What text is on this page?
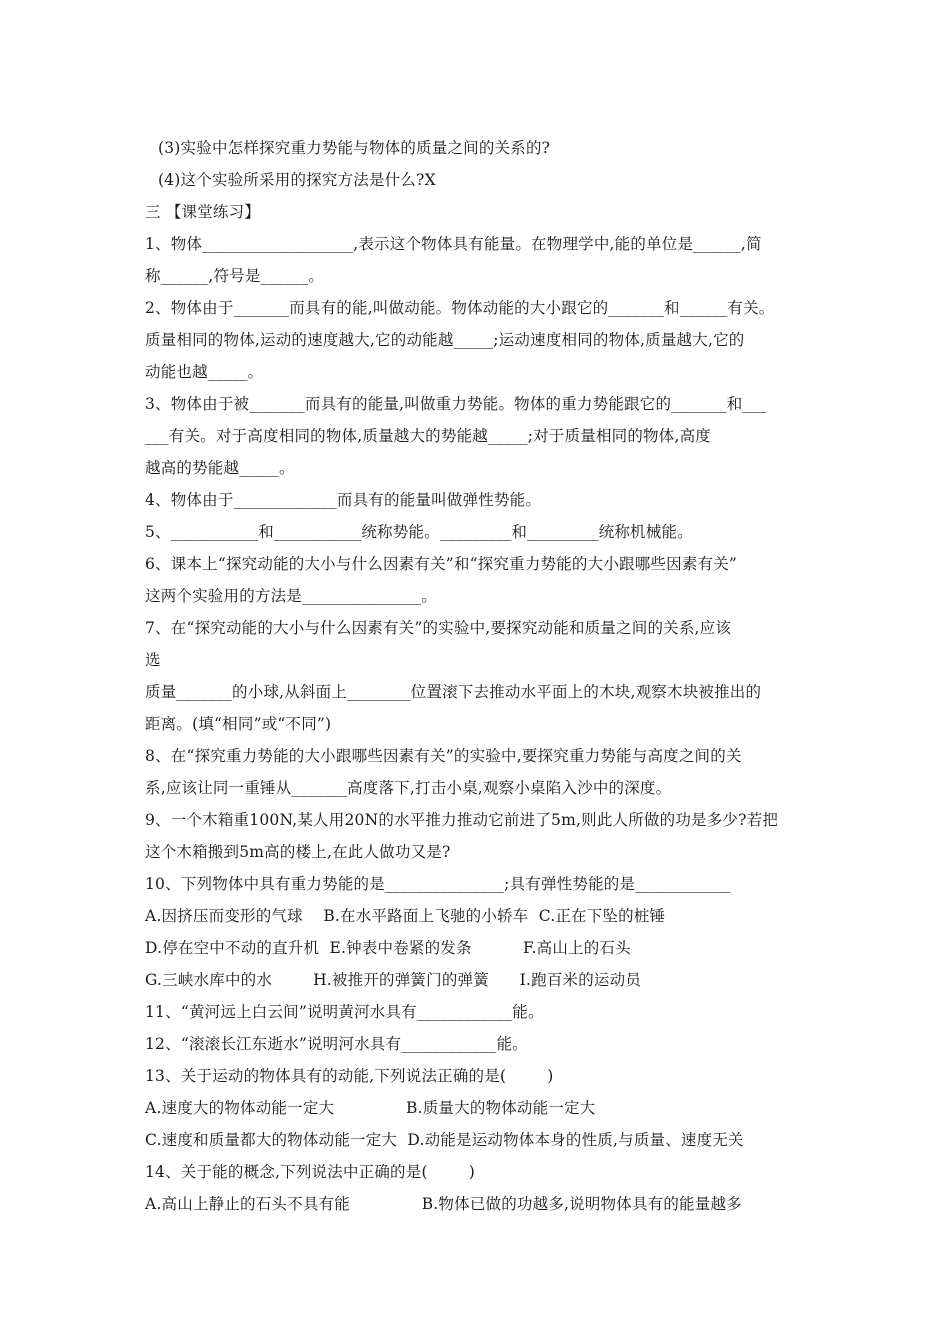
(3)实验中怎样探究重力势能与物体的质量之间的关系的?
(4)这个实验所采用的探究方法是什么?X
三 【课堂练习】
1、物体___________________,表示这个物体具有能量。在物理学中,能的单位是______,简
称______,符号是______。
2、物体由于_______而具有的能,叫做动能。物体动能的大小跟它的_______和______有关。
质量相同的物体,运动的速度越大,它的动能越_____;运动速度相同的物体,质量越大,它的
动能也越_____。
3、物体由于被_______而具有的能量,叫做重力势能。物体的重力势能跟它的_______和___
___有关。对于高度相同的物体,质量越大的势能越_____;对于质量相同的物体,高度
越高的势能越_____。
4、物体由于_____________而具有的能量叫做弹性势能。
5、___________和___________统称势能。_________和_________统称机械能。
6、课本上“探究动能的大小与什么因素有关”和“探究重力势能的大小跟哪些因素有关”
这两个实验用的方法是_______________。
7、在“探究动能的大小与什么因素有关”的实验中,要探究动能和质量之间的关系,应该
选
质量_______的小球,从斜面上________位置滚下去推动水平面上的木块,观察木块被推出的
距离。(填“相同”或“不同”)
8、在“探究重力势能的大小跟哪些因素有关”的实验中,要探究重力势能与高度之间的关
系,应该让同一重锤从_______高度落下,打击小桌,观察小桌陷入沙中的深度。
9、一个木箱重100N,某人用20N的水平推力推动它前进了5m,则此人所做的功是多少?若把
这个木箱搬到5m高的楼上,在此人做功又是?
10、下列物体中具有重力势能的是_______________;具有弹性势能的是____________
A.因挤压而变形的气球    B.在水平路面上飞驰的小轿车  C.正在下坠的桩锤
D.停在空中不动的直升机  E.钟表中卷紧的发条          F.高山上的石头
G.三峡水库中的水        H.被推开的弹簧门的弹簧      I.跑百米的运动员
11、“黄河远上白云间”说明黄河水具有____________能。
12、“滚滚长江东逝水”说明河水具有____________能。
13、关于运动的物体具有的动能,下列说法正确的是(        )
A.速度大的物体动能一定大              B.质量大的物体动能一定大
C.速度和质量都大的物体动能一定大  D.动能是运动物体本身的性质,与质量、速度无关
14、关于能的概念,下列说法中正确的是(        )
A.高山上静止的石头不具有能              B.物体已做的功越多,说明物体具有的能量越多
